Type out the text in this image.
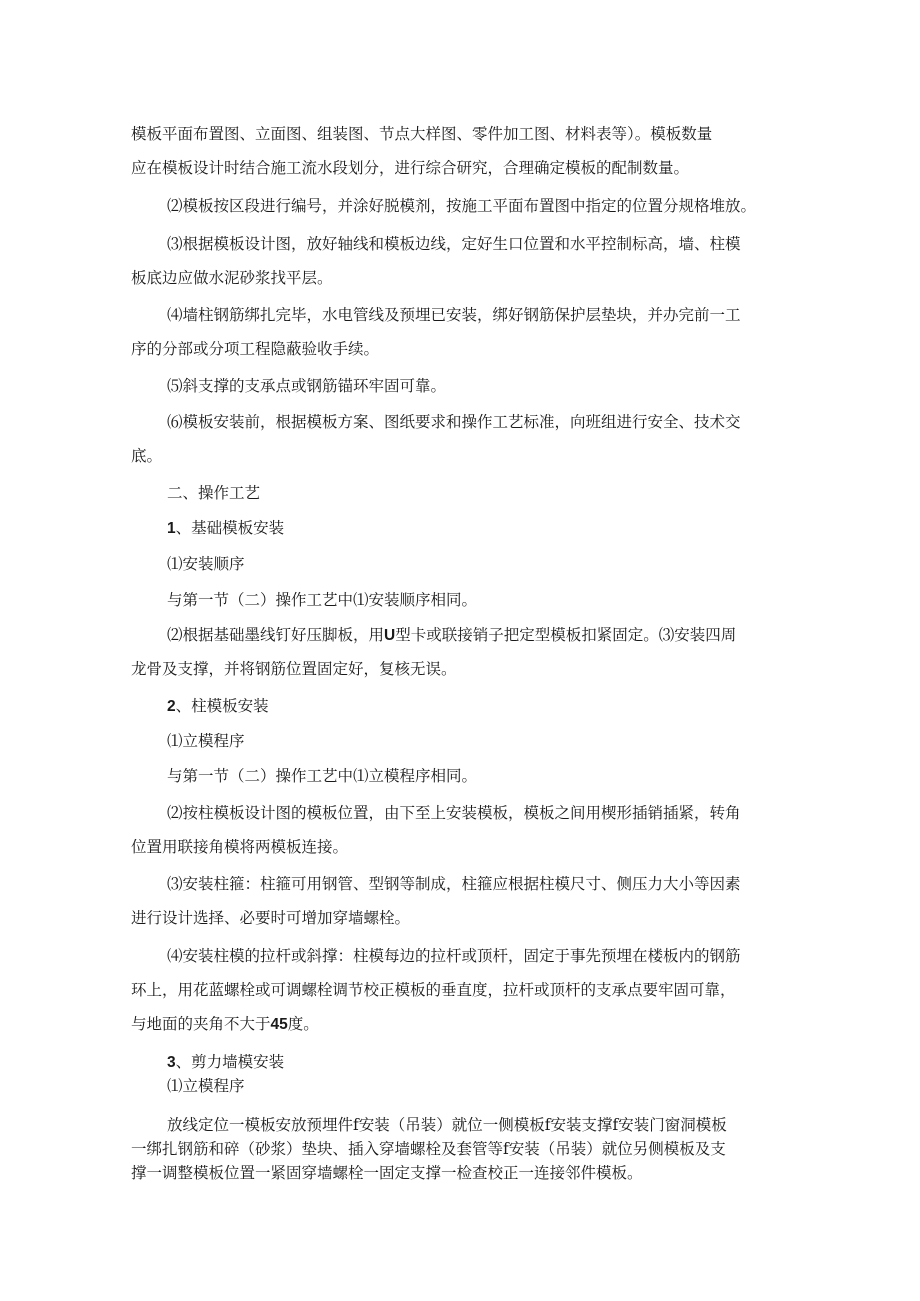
模板平面布置图、立面图、组装图、节点大样图、零件加工图、材料表等）。模板数量

应在模板设计时结合施工流水段划分，进行综合研究，合理确定模板的配制数量。

⑵模板按区段进行编号，并涂好脱模剂，按施工平面布置图中指定的位置分规格堆放。

⑶根据模板设计图，放好轴线和模板边线，定好生口位置和水平控制标高，墙、柱模

板底边应做水泥砂浆找平层。

⑷墙柱钢筋绑扎完毕，水电管线及预埋已安装，绑好钢筋保护层垫块，并办完前一工

序的分部或分项工程隐蔽验收手续。

⑸斜支撑的支承点或钢筋锚环牢固可靠。

⑹模板安装前，根据模板方案、图纸要求和操作工艺标准，向班组进行安全、技术交

底。

二、操作工艺

1、基础模板安装

⑴安装顺序

与第一节（二）操作工艺中⑴安装顺序相同。

⑵根据基础墨线钉好压脚板，用U型卡或联接销子把定型模板扣紧固定。⑶安装四周

龙骨及支撑，并将钢筋位置固定好，复核无误。

2、柱模板安装

⑴立模程序

与第一节（二）操作工艺中⑴立模程序相同。

⑵按柱模板设计图的模板位置，由下至上安装模板，模板之间用楔形插销插紧，转角

位置用联接角模将两模板连接。

⑶安装柱箍：柱箍可用钢管、型钢等制成，柱箍应根据柱模尺寸、侧压力大小等因素

进行设计选择、必要时可增加穿墙螺栓。

⑷安装柱模的拉杆或斜撑：柱模每边的拉杆或顶杆，固定于事先预埋在楼板内的钢筋

环上，用花蓝螺栓或可调螺栓调节校正模板的垂直度，拉杆或顶杆的支承点要牢固可靠，

与地面的夹角不大于45度。

3、剪力墙模安装

⑴立模程序

放线定位一模板安放预埋件f安装（吊装）就位一侧模板f安装支撑f安装门窗洞模板

一绑扎钢筋和碎（砂浆）垫块、插入穿墙螺栓及套管等f安装（吊装）就位另侧模板及支

撑一调整模板位置一紧固穿墙螺栓一固定支撑一检查校正一连接邻件模板。
